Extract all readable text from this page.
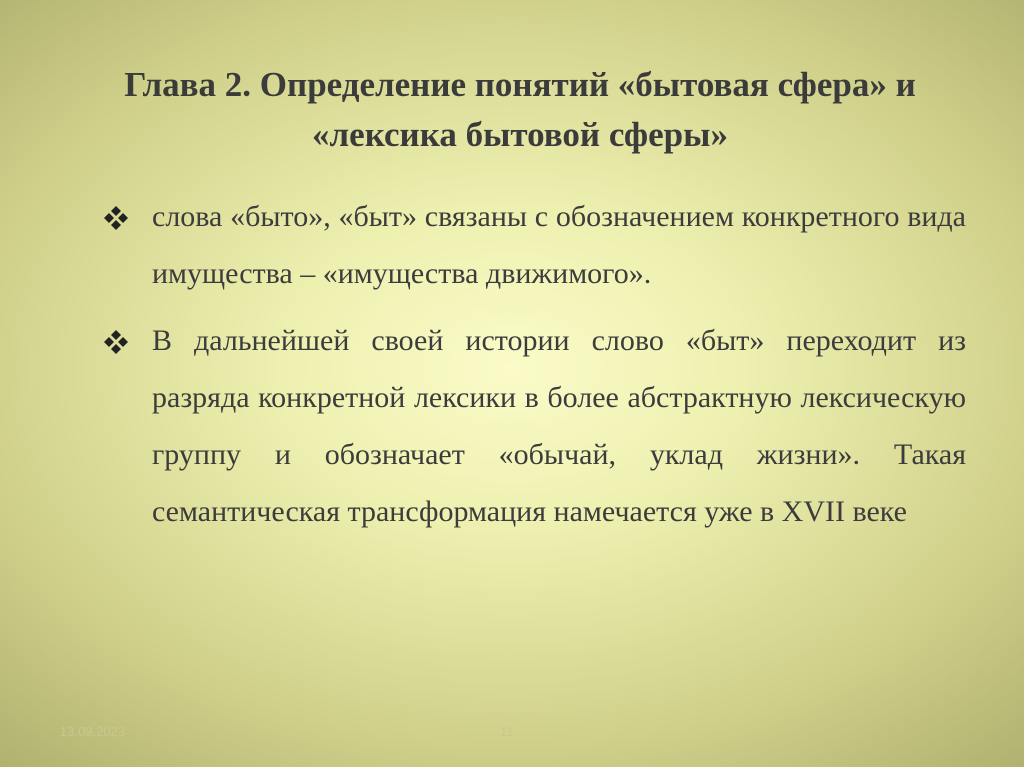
Глава 2. Определение понятий «бытовая сфера» и «лексика бытовой сферы»
слова «быто», «быт» связаны с обозначением конкретного вида имущества – «имущества движимого».
В дальнейшей своей истории слово «быт» переходит из разряда конкретной лексики в более абстрактную лексическую группу и обозначает «обычай, уклад жизни». Такая семантическая трансформация намечается уже в XVII веке
13.09.2023	11
